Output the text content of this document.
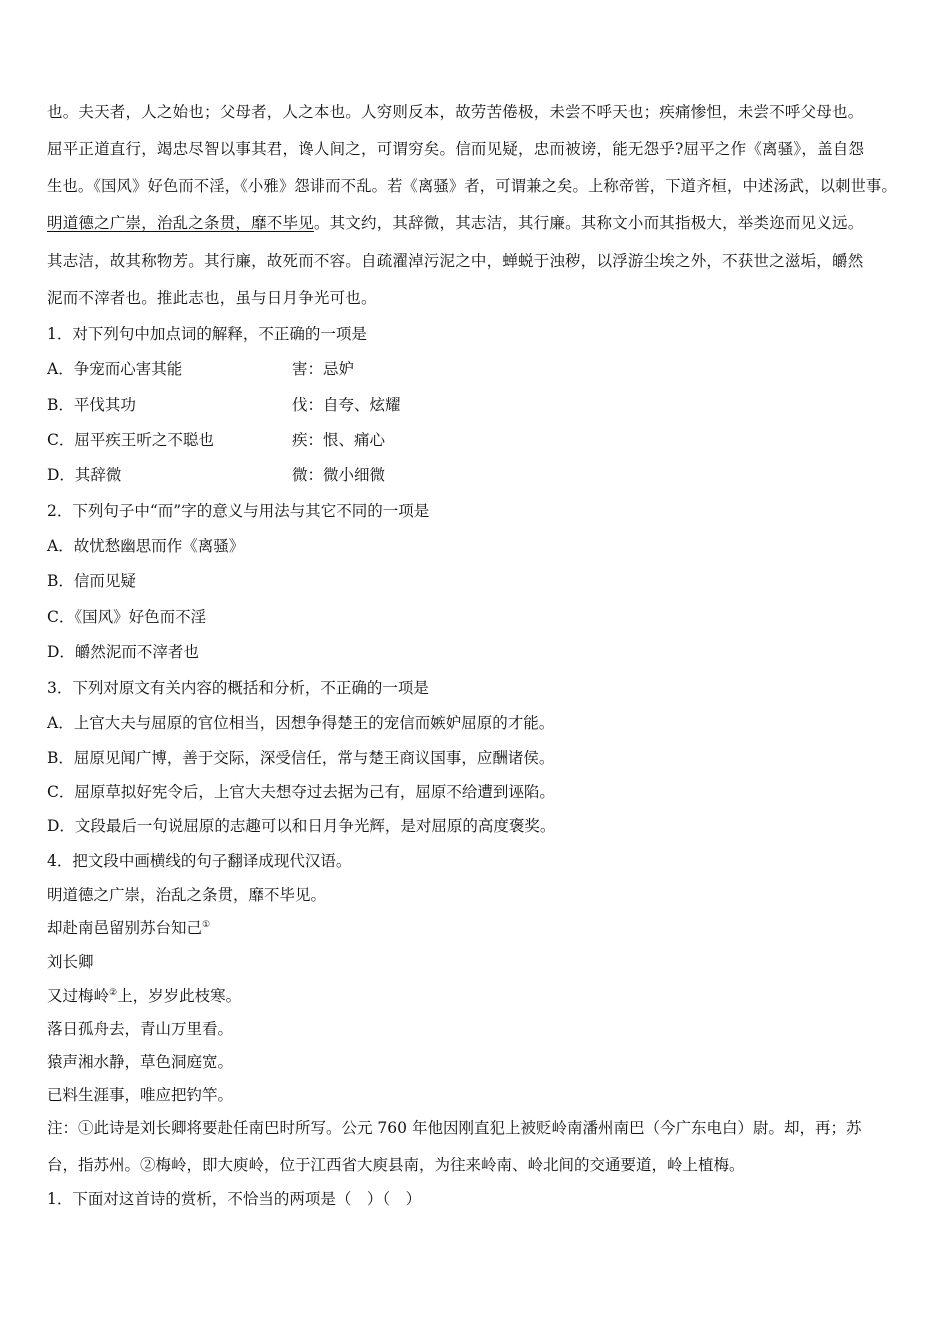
也。夫天者，人之始也；父母者，人之本也。人穷则反本，故劳苦倦极，未尝不呼天也；疾痛惨怛，未尝不呼父母也。
屈平正道直行，竭忠尽智以事其君，谗人间之，可谓穷矣。信而见疑，忠而被谤，能无怨乎?屈平之作《离骚》，盖自怨
生也。《国风》好色而不淫，《小雅》怨诽而不乱。若《离骚》者，可谓兼之矣。上称帝喾，下道齐桓，中述汤武，以刺世事。
明道德之广崇，治乱之条贯，靡不毕见。其文约，其辞微，其志洁，其行廉。其称文小而其指极大，举类迩而见义远。
其志洁，故其称物芳。其行廉，故死而不容。自疏濯淖污泥之中，蝉蜕于浊秽，以浮游尘埃之外，不获世之滋垢，皭然
泥而不滓者也。推此志也，虽与日月争光可也。
1．对下列句中加点词的解释，不正确的一项是
A．争宠而心害其能	害：忌妒
B．平伐其功	伐：自夸、炫耀
C．屈平疾王听之不聪也	疾：恨、痛心
D．其辞微	微：微小细微
2．下列句子中“而”字的意义与用法与其它不同的一项是
A．故忧愁幽思而作《离骚》
B．信而见疑
C．《国风》好色而不淫
D．皭然泥而不滓者也
3．下列对原文有关内容的概括和分析，不正确的一项是
A．上官大夫与屈原的官位相当，因想争得楚王的宠信而嫉妒屈原的才能。
B．屈原见闻广博，善于交际，深受信任，常与楚王商议国事，应酬诸侯。
C．屈原草拟好宪令后，上官大夫想夺过去据为己有，屈原不给遭到诬陷。
D．文段最后一句说屈原的志趣可以和日月争光辉，是对屈原的高度褒奖。
4．把文段中画横线的句子翻译成现代汉语。
明道德之广崇，治乱之条贯，靡不毕见。
却赴南邑留别苏台知己①
刘长卿
又过梅岭②上，岁岁此枝寒。
落日孤舟去，青山万里看。
猿声湘水静，草色洞庭宽。
已料生涯事，唯应把钓竿。
注：①此诗是刘长卿将要赴任南巴时所写。公元 760 年他因刚直犯上被贬岭南潘州南巴（今广东电白）尉。却，再；苏
台，指苏州。②梅岭，即大庾岭，位于江西省大庾县南，为往来岭南、岭北间的交通要道，岭上植梅。
1．下面对这首诗的赏析，不恰当的两项是（　）（　）
